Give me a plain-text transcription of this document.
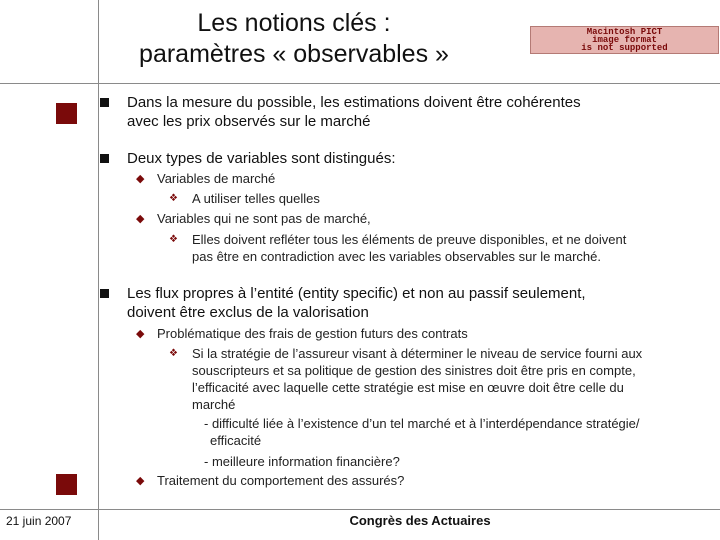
Les notions clés :
paramètres « observables »
Macintosh PICT
image format
is not supported
Dans la mesure du possible, les estimations doivent être cohérentes
avec les prix observés sur le marché
Deux types de variables sont distingués:
◆ Variables de marché
❖ A utiliser telles quelles
◆ Variables qui ne sont pas de marché,
❖ Elles doivent refléter tous les éléments de preuve disponibles, et ne doivent
pas être en contradiction avec les variables observables sur le marché.
Les flux propres à l’entité (entity specific) et non au passif seulement,
doivent être exclus de la valorisation
◆ Problématique des frais de gestion futurs des contrats
❖ Si la stratégie de l’assureur visant à déterminer le niveau de service fourni aux
souscripteurs et sa politique de gestion des sinistres doit être pris en compte,
l’efficacité avec laquelle cette stratégie est mise en œuvre doit être celle du
marché
- difficulté liée à l’existence d’un tel marché et à l’interdépendance stratégie/
efficacité
- meilleure information financière?
◆ Traitement du comportement des assurés?
21 juin 2007	Congrès des Actuaires
